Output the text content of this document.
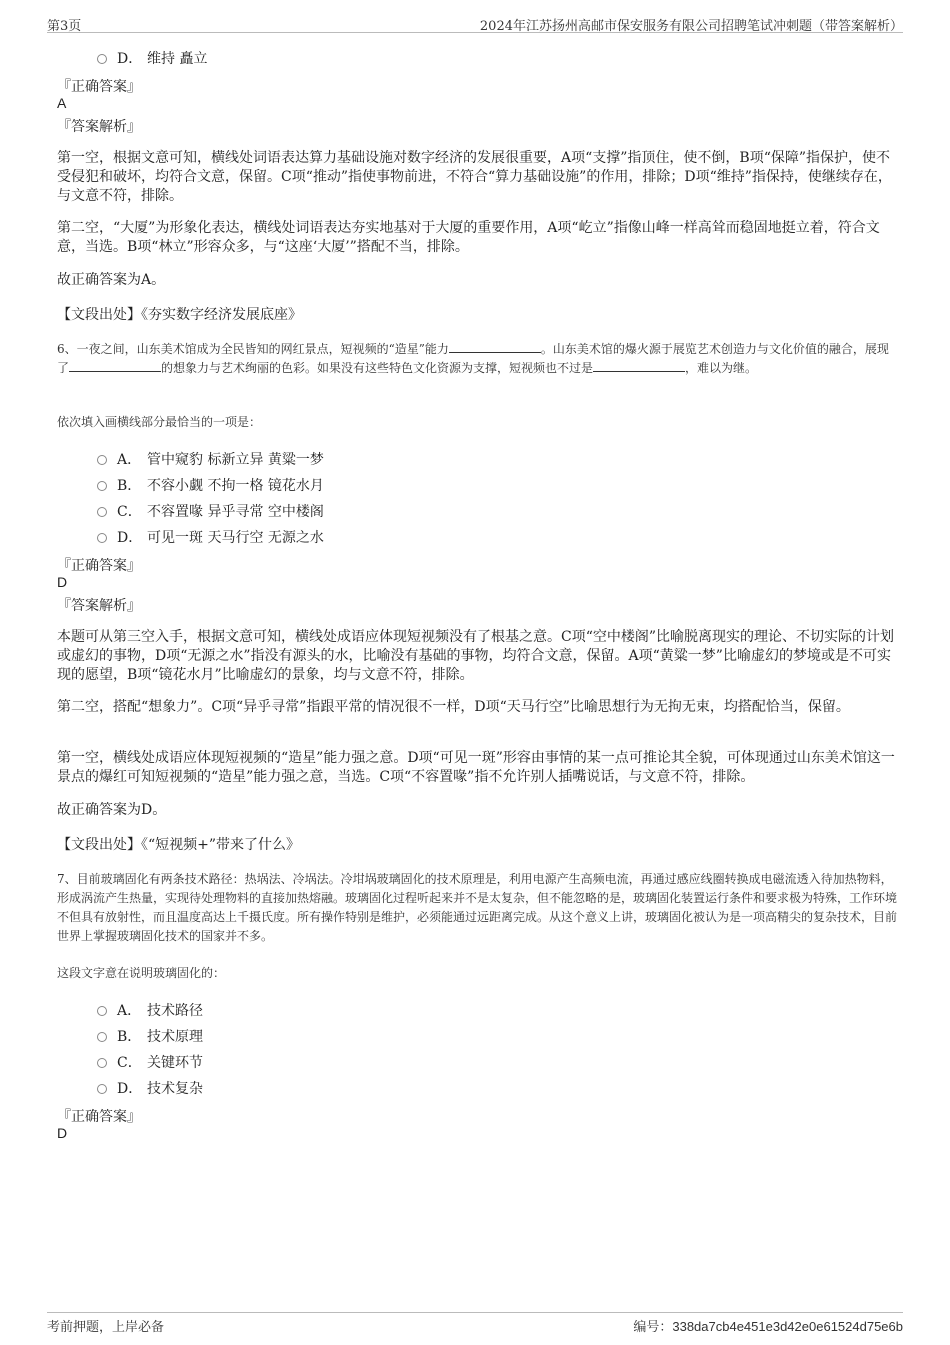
第3页	2024年江苏扬州高邮市保安服务有限公司招聘笔试冲刺题（带答案解析）
D． 维持 矗立
『正确答案』
A
『答案解析』
第一空，根据文意可知，横线处词语表达算力基础设施对数字经济的发展很重要，A项“支撑”指顶住，使不倒，B项“保障”指保护，使不受侵犯和破坏，均符合文意，保留。C项“推动”指使事物前进，不符合“算力基础设施”的作用，排除；D项“维持”指保持，使继续存在，与文意不符，排除。
第二空，“大厦”为形象化表达，横线处词语表达夯实地基对于大厦的重要作用，A项“屹立”指像山峰一样高耸而稳固地挺立着，符合文意，当选。B项“林立”形容众多，与“这座‘大厦’”搭配不当，排除。
故正确答案为A。
【文段出处】《夯实数字经济发展底座》
6、一夜之间，山东美术馆成为全民皆知的网红景点，短视频的“造星”能力	。山东美术馆的爆火源于展览艺术创造力与文化价值的融合，展现了	的想象力与艺术绚丽的色彩。如果没有这些特色文化资源为支撑，短视频也不过是	，难以为继。
依次填入画横线部分最恰当的一项是：
A． 管中窥豹 标新立异 黄粱一梦
B． 不容小觑 不拘一格 镜花水月
C． 不容置喙 异乎寻常 空中楼阁
D． 可见一斑 天马行空 无源之水
『正确答案』
D
『答案解析』
本题可从第三空入手，根据文意可知，横线处成语应体现短视频没有了根基之意。C项“空中楼阁”比喻脱离现实的理论、不切实际的计划或虚幻的事物，D项“无源之水”指没有源头的水，比喻没有基础的事物，均符合文意，保留。A项“黄粱一梦”比喻虚幻的梦境或是不可实现的愿望，B项“镜花水月”比喻虚幻的景象，均与文意不符，排除。
第二空，搭配“想象力”。C项“异乎寻常”指跟平常的情况很不一样，D项“天马行空”比喻思想行为无拘无束，均搭配恰当，保留。
第一空，横线处成语应体现短视频的“造星”能力强之意。D项“可见一斑”形容由事情的某一点可推论其全貌，可体现通过山东美术馆这一景点的爆红可知短视频的“造星”能力强之意，当选。C项“不容置喙”指不允许别人插嘴说话，与文意不符，排除。
故正确答案为D。
【文段出处】《“短视频+”带来了什么》
7、目前玻璃固化有两条技术路径：热埚法、冷埚法。冷坩埚玻璃固化的技术原理是，利用电源产生高频电流，再通过感应线圈转换成电磁流透入待加热物料，形成涡流产生热量，实现待处理物料的直接加热熔融。玻璃固化过程听起来并不是太复杂，但不能忽略的是，玻璃固化装置运行条件和要求极为特殊，工作环境不但具有放射性，而且温度高达上千摄氏度。所有操作特别是维护，必须能通过远距离完成。从这个意义上讲，玻璃固化被认为是一项高精尖的复杂技术，目前世界上掌握玻璃固化技术的国家并不多。
这段文字意在说明玻璃固化的：
A． 技术路径
B． 技术原理
C． 关键环节
D． 技术复杂
『正确答案』
D
考前押题，上岸必备	编号：338da7cb4e451e3d42e0e61524d75e6b
